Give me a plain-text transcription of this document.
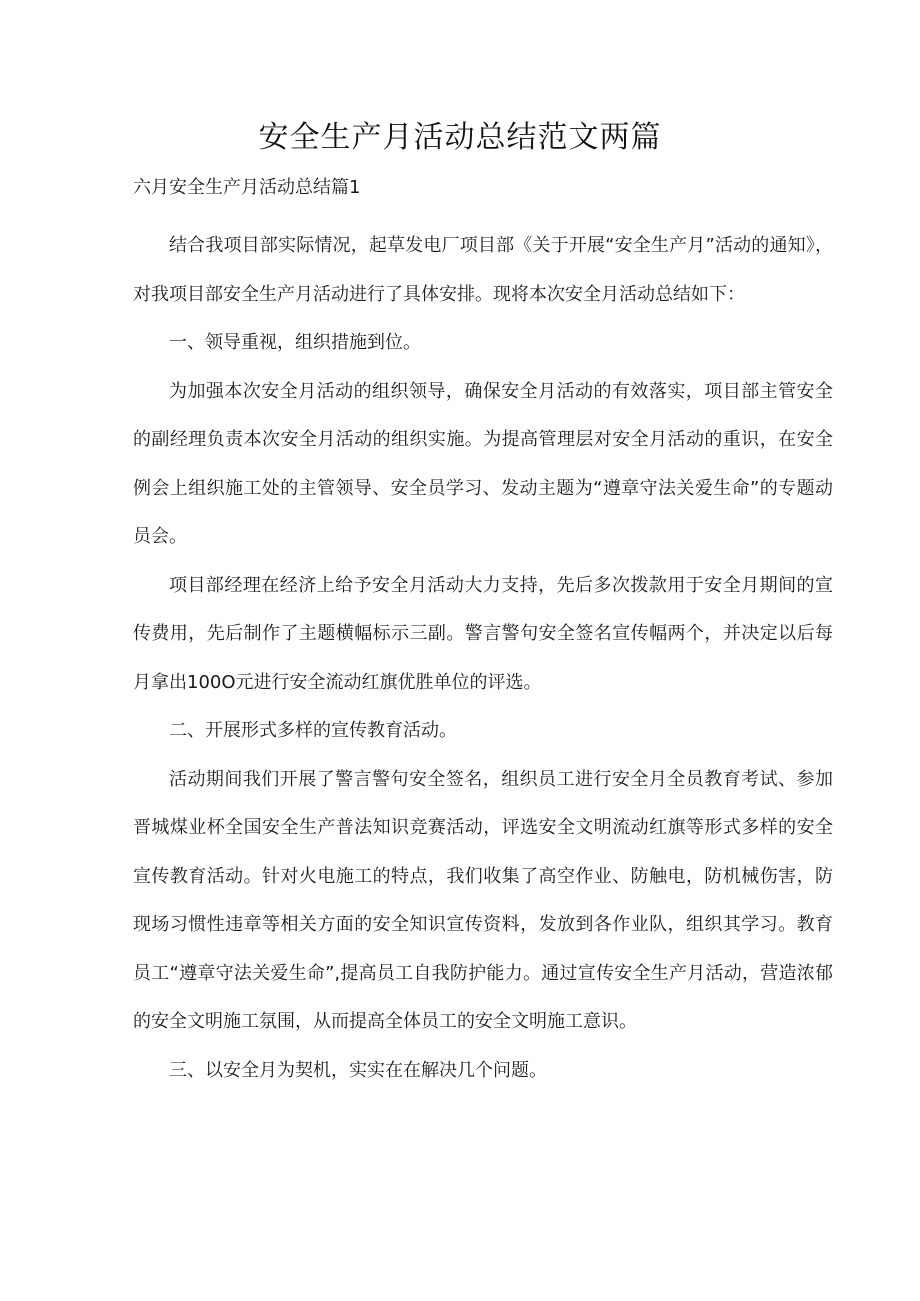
安全生产月活动总结范文两篇
六月安全生产月活动总结篇1

结合我项目部实际情况，起草发电厂项目部《关于开展“安全生产月”活动的通知》，对我项目部安全生产月活动进行了具体安排。现将本次安全月活动总结如下：

一、领导重视，组织措施到位。

为加强本次安全月活动的组织领导，确保安全月活动的有效落实，项目部主管安全的副经理负责本次安全月活动的组织实施。为提高管理层对安全月活动的重识，在安全例会上组织施工处的主管领导、安全员学习、发动主题为“遵章守法关爱生命”的专题动员会。

项目部经理在经济上给予安全月活动大力支持，先后多次拨款用于安全月期间的宣传费用，先后制作了主题横幅标示三副。警言警句安全签名宣传幅两个，并决定以后每月拿出100O元进行安全流动红旗优胜单位的评选。

二、开展形式多样的宣传教育活动。

活动期间我们开展了警言警句安全签名，组织员工进行安全月全员教育考试、参加晋城煤业杯全国安全生产普法知识竞赛活动，评选安全文明流动红旗等形式多样的安全宣传教育活动。针对火电施工的特点，我们收集了高空作业、防触电，防机械伤害，防现场习惯性违章等相关方面的安全知识宣传资料，发放到各作业队，组织其学习。教育员工“遵章守法关爱生命”,提高员工自我防护能力。通过宣传安全生产月活动，营造浓郁的安全文明施工氛围，从而提高全体员工的安全文明施工意识。

三、以安全月为契机，实实在在解决几个问题。
